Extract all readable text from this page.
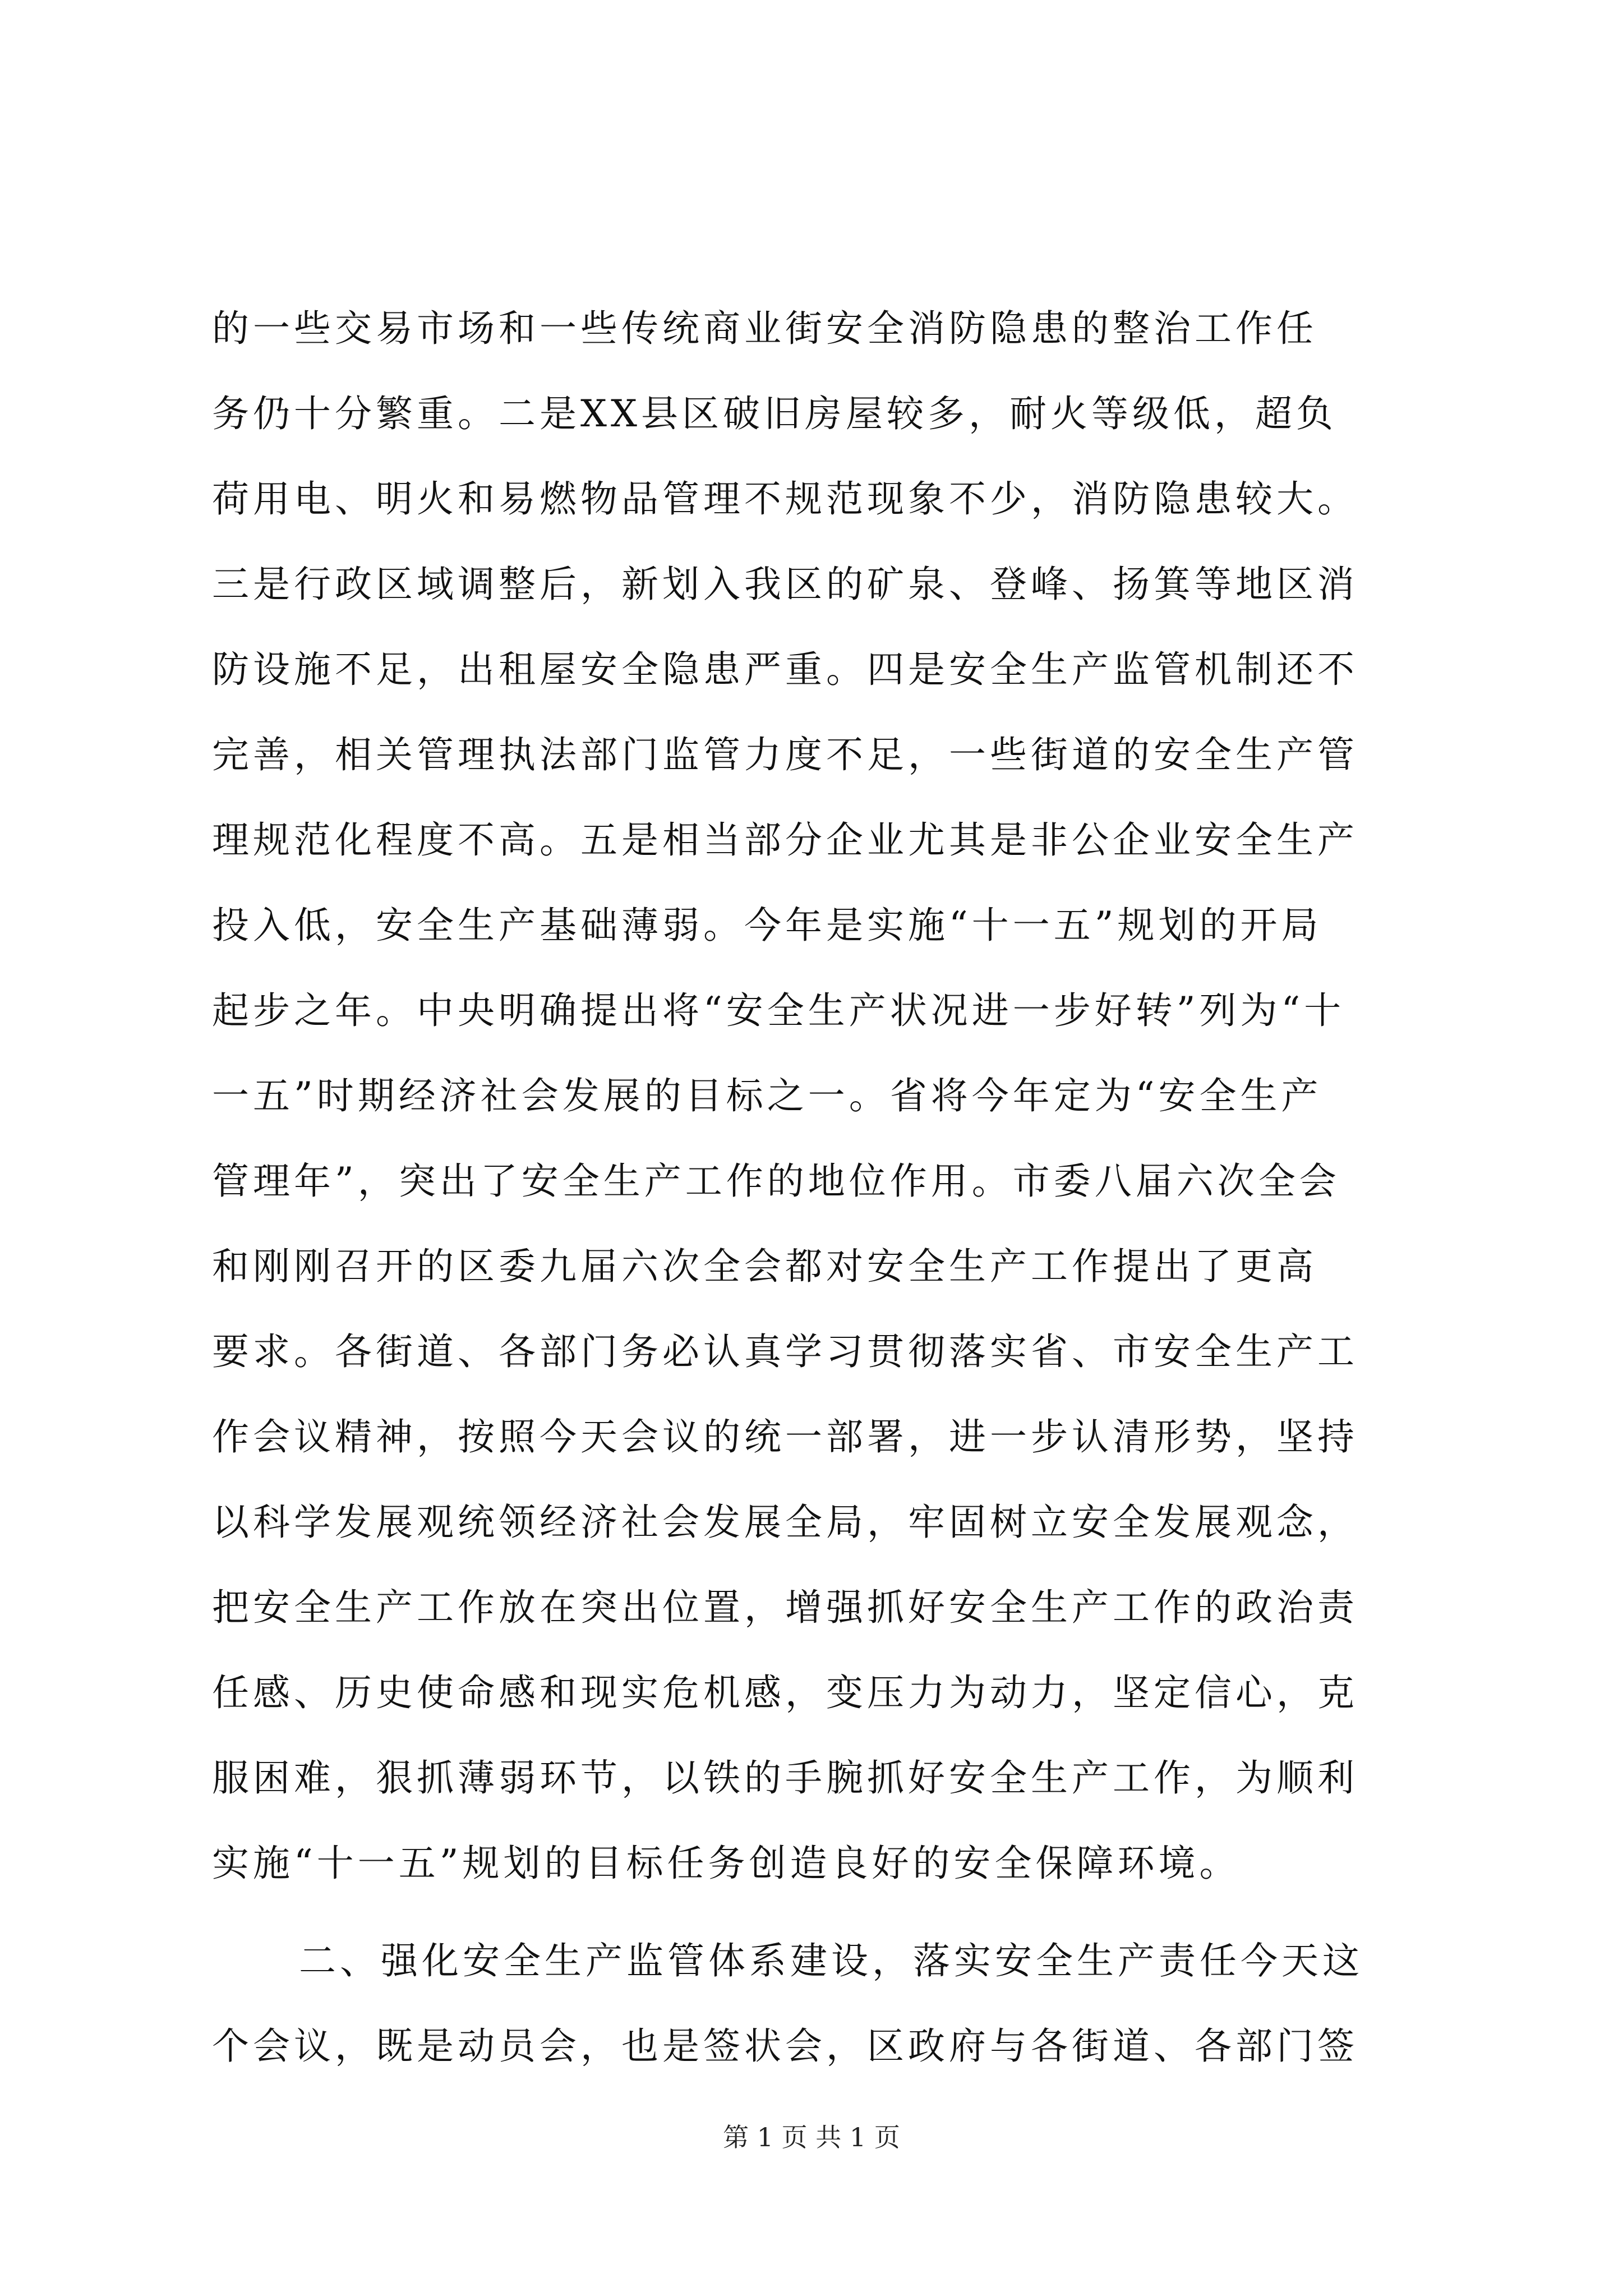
的一些交易市场和一些传统商业街安全消防隐患的整治工作任
务仍十分繁重。二是XX县区破旧房屋较多，耐火等级低，超负
荷用电、明火和易燃物品管理不规范现象不少，消防隐患较大。
三是行政区域调整后，新划入我区的矿泉、登峰、扬箕等地区消
防设施不足，出租屋安全隐患严重。四是安全生产监管机制还不
完善，相关管理执法部门监管力度不足，一些街道的安全生产管
理规范化程度不高。五是相当部分企业尤其是非公企业安全生产
投入低，安全生产基础薄弱。今年是实施“十一五”规划的开局
起步之年。中央明确提出将“安全生产状况进一步好转”列为“十
一五”时期经济社会发展的目标之一。省将今年定为“安全生产
管理年”，突出了安全生产工作的地位作用。市委八届六次全会
和刚刚召开的区委九届六次全会都对安全生产工作提出了更高
要求。各街道、各部门务必认真学习贯彻落实省、市安全生产工
作会议精神，按照今天会议的统一部署，进一步认清形势，坚持
以科学发展观统领经济社会发展全局，牢固树立安全发展观念，
把安全生产工作放在突出位置，增强抓好安全生产工作的政治责
任感、历史使命感和现实危机感，变压力为动力，坚定信心，克
服困难，狠抓薄弱环节，以铁的手腕抓好安全生产工作，为顺利
实施“十一五”规划的目标任务创造良好的安全保障环境。
二、强化安全生产监管体系建设，落实安全生产责任今天这
个会议，既是动员会，也是签状会，区政府与各街道、各部门签
第 1 页 共 1 页
